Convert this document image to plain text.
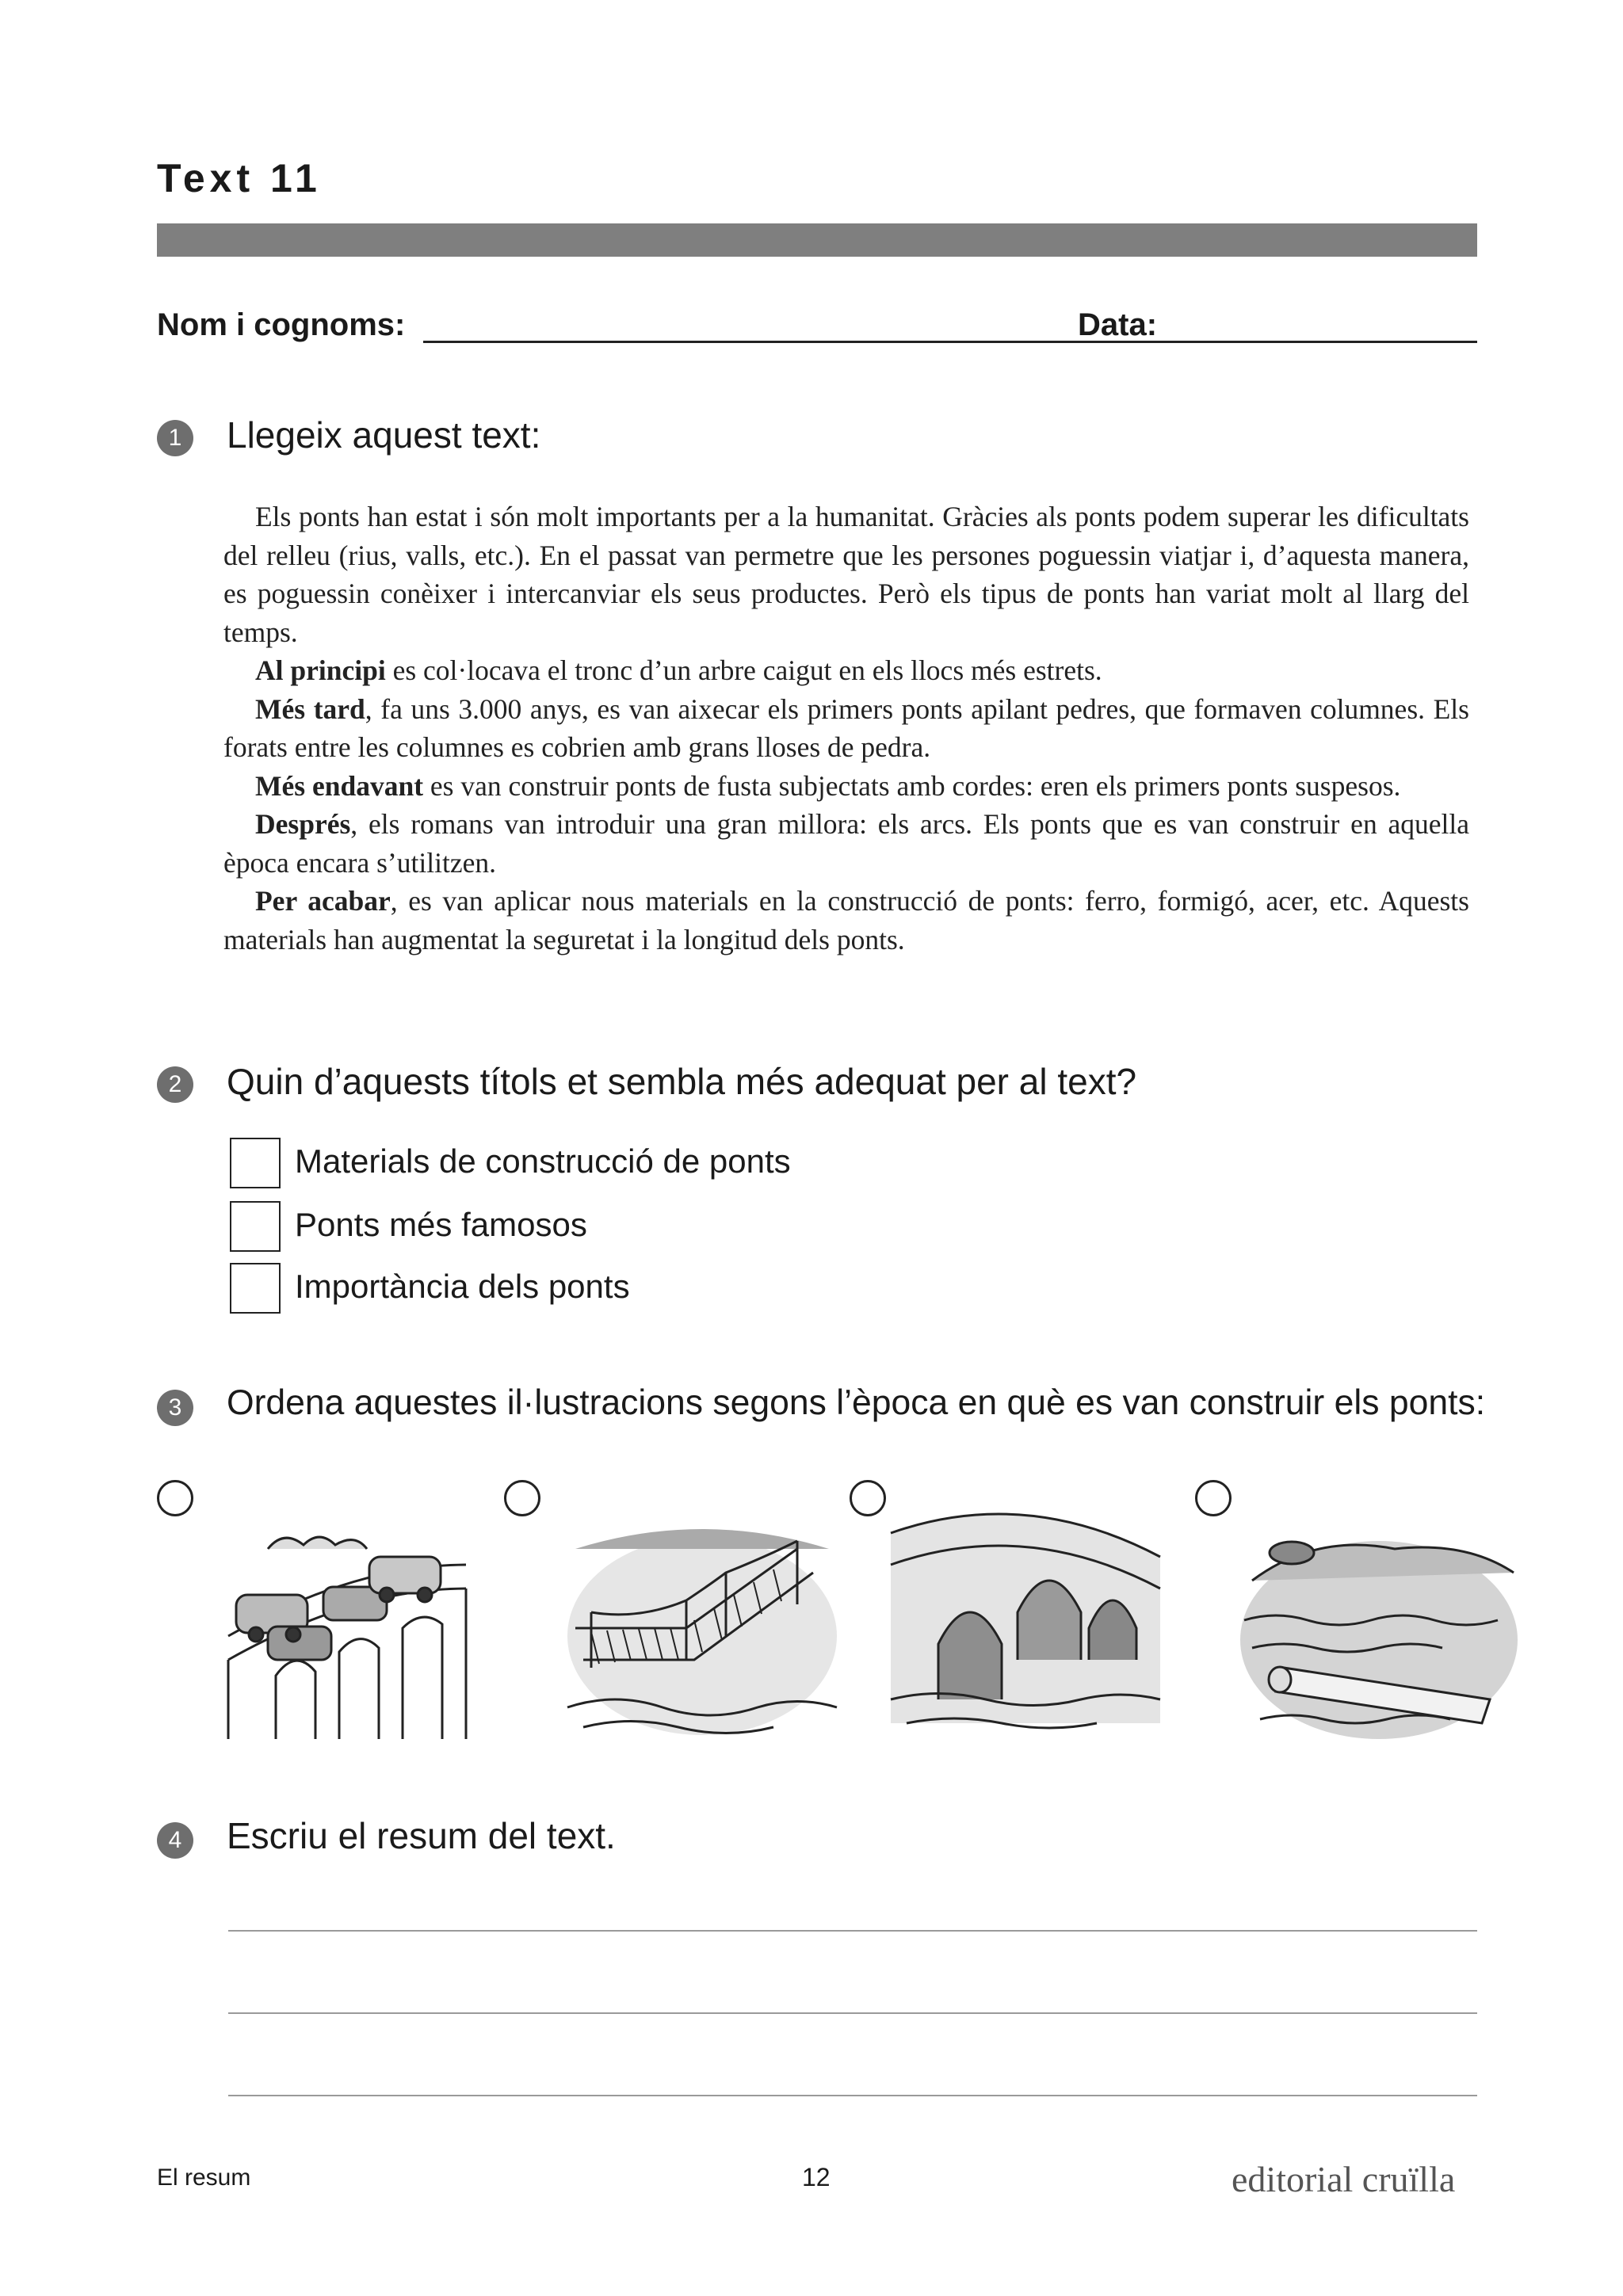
Text 11
Nom i cognoms:	Data:
1	Llegeix aquest text:

Els ponts han estat i són molt importants per a la humanitat. Gràcies als ponts podem superar les dificultats del relleu (rius, valls, etc.). En el passat van permetre que les persones poguessin viatjar i, d’aquesta manera, es poguessin conèixer i intercanviar els seus productes. Però els tipus de ponts han variat molt al llarg del temps.

Al principi es col·locava el tronc d’un arbre caigut en els llocs més estrets.

Més tard, fa uns 3.000 anys, es van aixecar els primers ponts apilant pedres, que formaven columnes. Els forats entre les columnes es cobrien amb grans lloses de pedra.

Més endavant es van construir ponts de fusta subjectats amb cordes: eren els primers ponts suspesos.

Després, els romans van introduir una gran millora: els arcs. Els ponts que es van construir en aquella època encara s’utilitzen.

Per acabar, es van aplicar nous materials en la construcció de ponts: ferro, formigó, acer, etc. Aquests materials han augmentat la seguretat i la longitud dels ponts.

2	Quin d’aquests títols et sembla més adequat per al text?
Materials de construcció de ponts
Ponts més famosos
Importància dels ponts
3	Ordena aquestes il·lustracions segons l’època en què es van construir els ponts:
4	Escriu el resum del text.
El resum	12	editorial cruïlla
